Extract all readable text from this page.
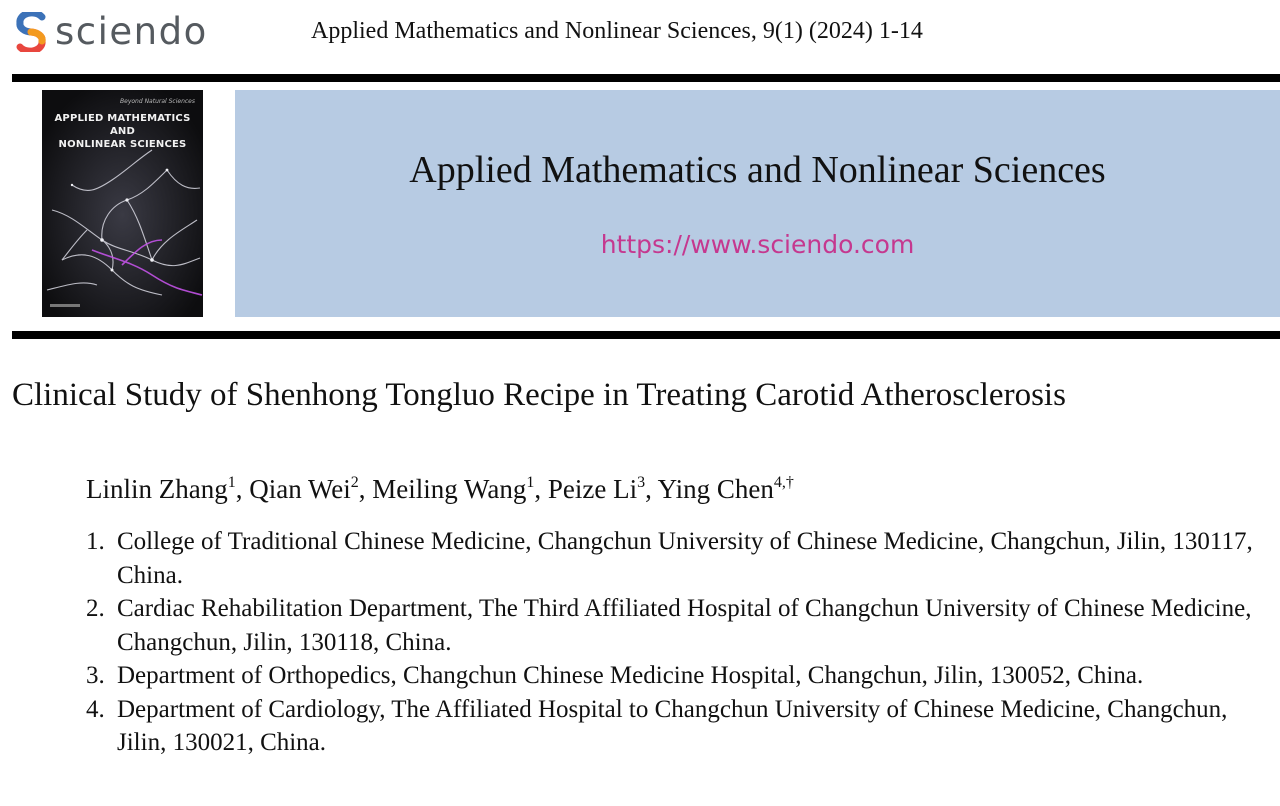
sciendo	Applied Mathematics and Nonlinear Sciences, 9(1) (2024) 1-14
Beyond Natural Sciences
APPLIED MATHEMATICS AND
NONLINEAR SCIENCES
Applied Mathematics and Nonlinear Sciences
https://www.sciendo.com
Clinical Study of Shenhong Tongluo Recipe in Treating Carotid Atherosclerosis
Linlin Zhang$^1$, Qian Wei$^2$, Meiling Wang$^1$, Peize Li$^3$, Ying Chen$^{4,\dagger}$
1. College of Traditional Chinese Medicine, Changchun University of Chinese Medicine, Changchun, Jilin, 130117, China.
2. Cardiac Rehabilitation Department, The Third Affiliated Hospital of Changchun University of Chinese Medicine, Changchun, Jilin, 130118, China.
3. Department of Orthopedics, Changchun Chinese Medicine Hospital, Changchun, Jilin, 130052, China.
4. Department of Cardiology, The Affiliated Hospital to Changchun University of Chinese Medicine, Changchun, Jilin, 130021, China.
